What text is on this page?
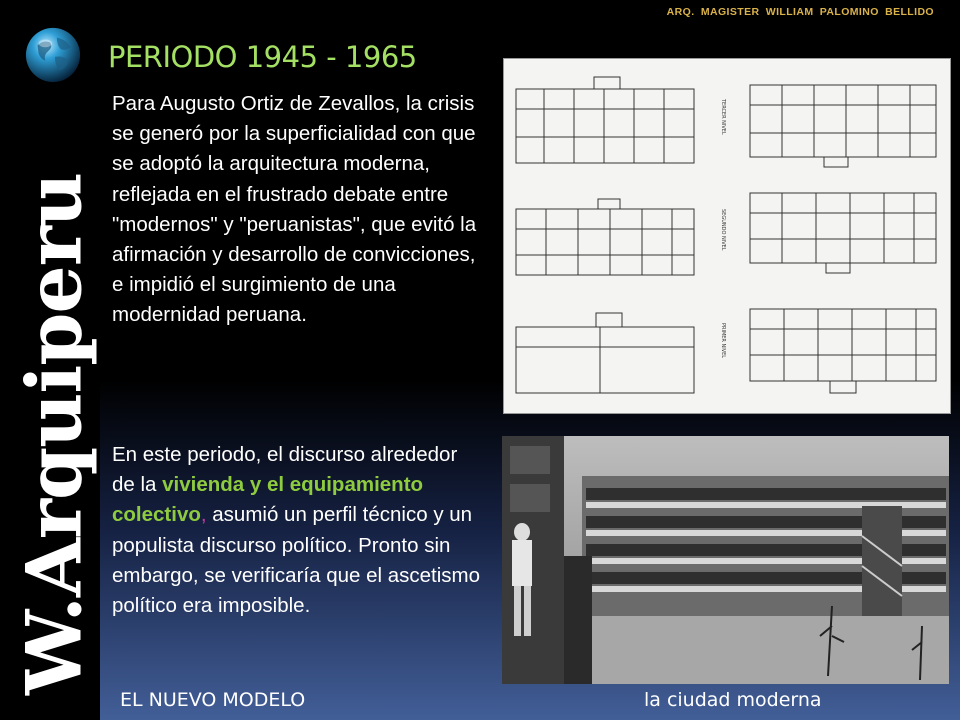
ARQ. MAGISTER WILLIAM PALOMINO BELLIDO
PERIODO 1945 - 1965
W.Arquiperu
Para Augusto Ortiz de Zevallos, la crisis se generó por la superficialidad con que se adoptó la arquitectura moderna, reflejada en el frustrado debate entre "modernos" y "peruanistas", que evitó la afirmación y desarrollo de convicciones, e impidió el surgimiento de una modernidad peruana.
En este periodo, el discurso alrededor de la vivienda y el equipamiento colectivo, asumió un perfil técnico y un populista discurso político. Pronto sin embargo, se verificaría que el ascetismo político era imposible.
TERCER NIVEL
SEGUNDO NIVEL
PRIMER NIVEL
EL NUEVO MODELO	la ciudad moderna
